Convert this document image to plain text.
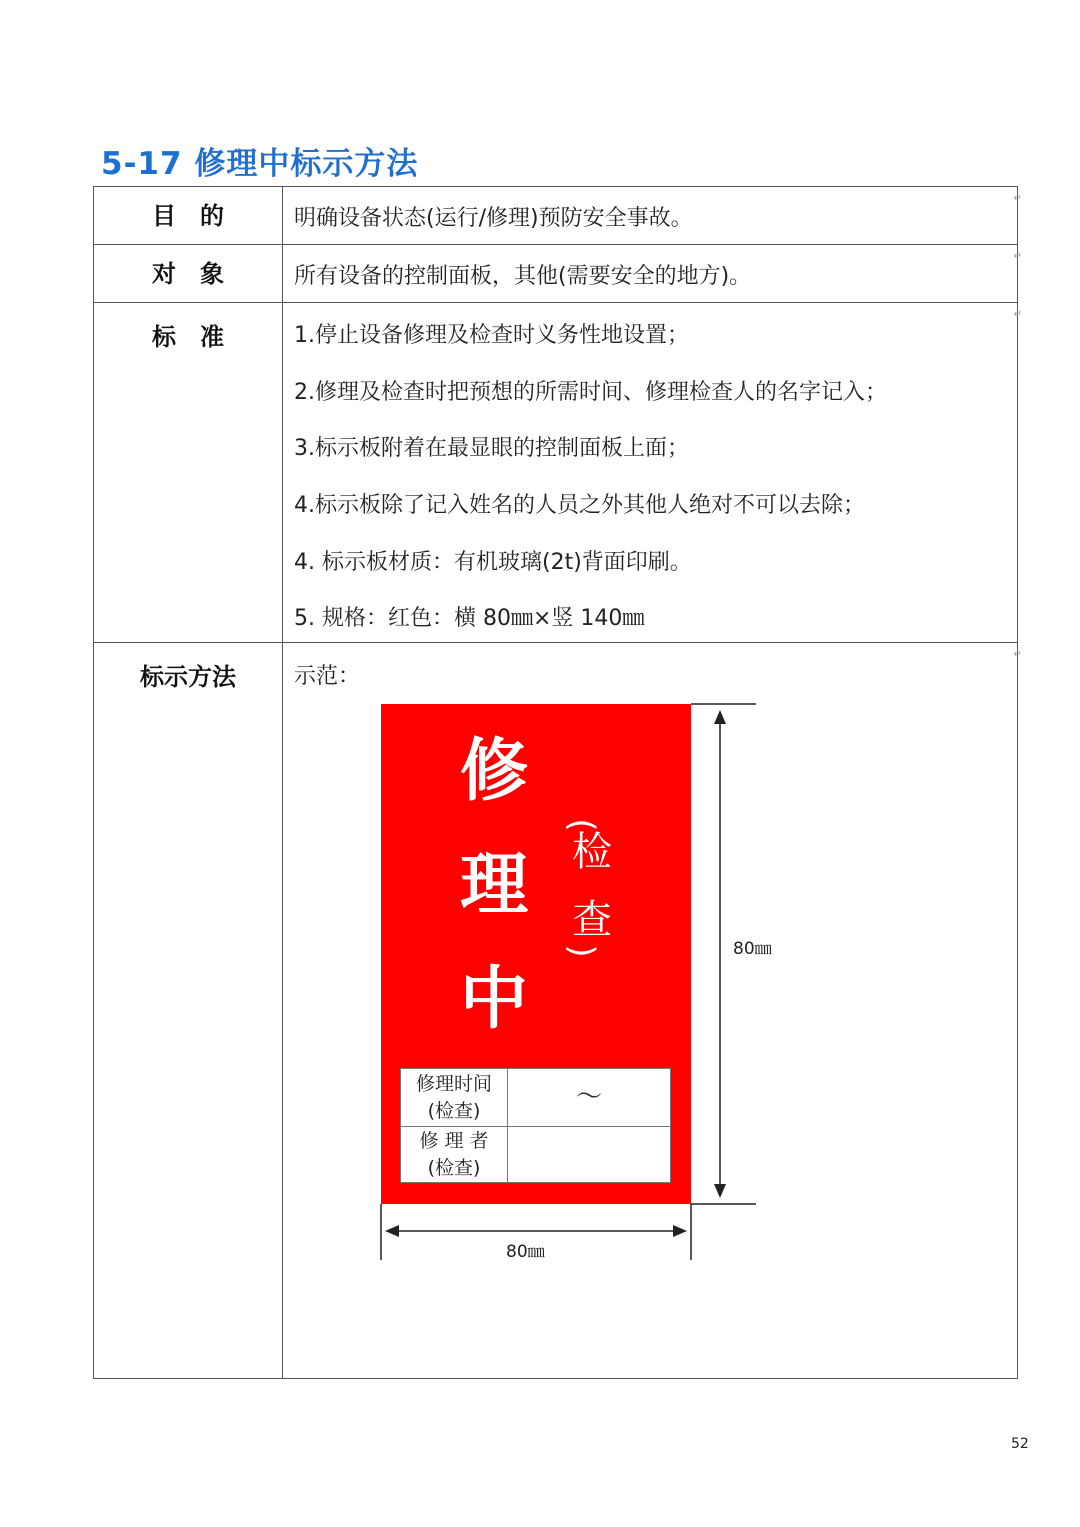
5-17 修理中标示方法
目　的	明确设备状态(运行/修理)预防安全事故。
↵
对　象	所有设备的控制面板，其他(需要安全的地方)。
↵
标　准	1.停止设备修理及检查时义务性地设置；
2.修理及检查时把预想的所需时间、修理检查人的名字记入；
3.标示板附着在最显眼的控制面板上面；
4.标示板除了记入姓名的人员之外其他人绝对不可以去除；
4. 标示板材质：有机玻璃(2t)背面印刷。
5. 规格：红色：横 80㎜×竖 140㎜
↵
标示方法	示范：
↵
修
理
中
(
检
查
)
修理时间
(检查)	～
修 理 者
(检查)
80㎜
80㎜
52
